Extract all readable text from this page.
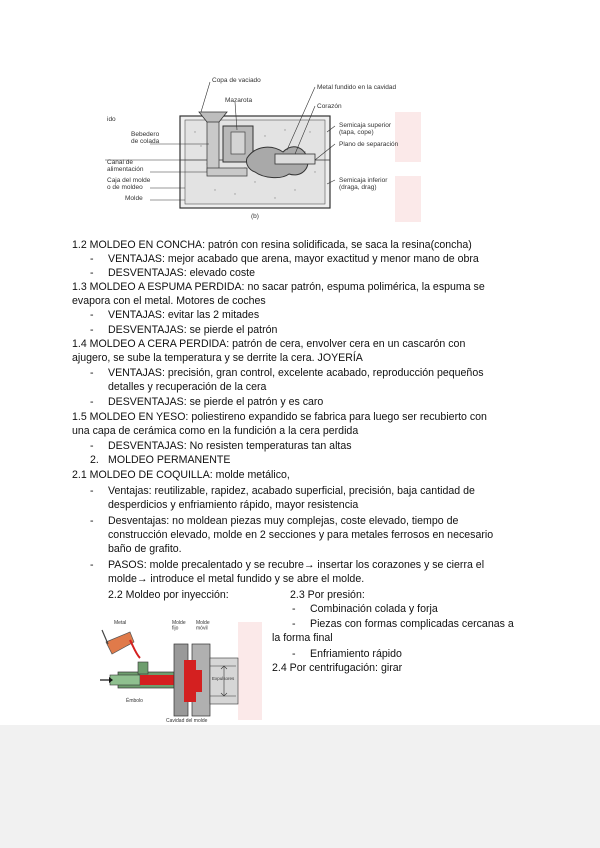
ido
Copa de vaciado
Metal fundido en la cavidad
Mazarota
Corazón
Bebedero de colada
Semicaja superior (tapa, cope)
Plano de separación
Canal de alimentación
Caja del molde o de moldeo
Semicaja inferior (draga, drag)
Molde
(b)
1.2 MOLDEO EN CONCHA: patrón con resina solidificada, se saca la resina(concha)
- VENTAJAS: mejor acabado que arena, mayor exactitud y menor mano de obra
- DESVENTAJAS: elevado coste
1.3 MOLDEO A ESPUMA PERDIDA: no sacar patrón, espuma polimérica, la espuma se
evapora con el metal. Motores de coches
- VENTAJAS: evitar las 2 mitades
- DESVENTAJAS: se pierde el patrón
1.4 MOLDEO A CERA PERDIDA: patrón de cera, envolver cera en un cascarón con
ajugero, se sube la temperatura y se derrite la cera. JOYERÍA
- VENTAJAS: precisión, gran control, excelente acabado, reproducción pequeños
detalles y recuperación de la cera
- DESVENTAJAS: se pierde el patrón y es caro
1.5 MOLDEO EN YESO: poliestireno expandido se fabrica para luego ser recubierto con
una capa de cerámica como en la fundición a la cera perdida
- DESVENTAJAS: No resisten temperaturas tan altas
2. MOLDEO PERMANENTE
2.1 MOLDEO DE COQUILLA: molde metálico,
- Ventajas: reutilizable, rapidez, acabado superficial, precisión, baja cantidad de
desperdicios y enfriamiento rápido, mayor resistencia
- Desventajas: no moldean piezas muy complejas, coste elevado, tiempo de
construcción elevado, molde en 2 secciones y para metales ferrosos en necesario
baño de grafito.
- PASOS: molde precalentado y se recubre→ insertar los corazones y se cierra el
molde→ introduce el metal fundido y se abre el molde.
2.2 Moldeo por inyección:	2.3 Por presión:
- Combinación colada y forja
- Piezas con formas complicadas cercanas a
la forma final
- Enfriamiento rápido
2.4 Por centrifugación: girar
Metal	Molde fijo
Molde móvil
Expulsores
Émbolo
Cavidad del molde
